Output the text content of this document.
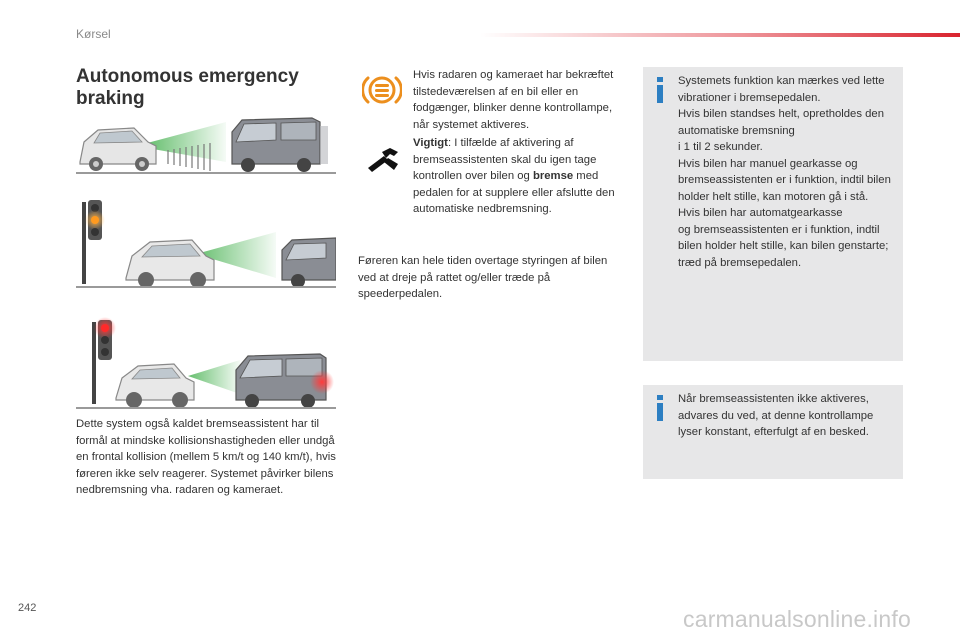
Kørsel
Autonomous emergency
braking

Dette system også kaldet bremseassistent har til formål at mindske kollisionshastigheden eller undgå en frontal kollision (mellem 5 km/t og 140 km/t), hvis føreren ikke selv reagerer. Systemet påvirker bilens nedbremsning vha. radaren og kameraet.

Hvis radaren og kameraet har bekræftet tilstedeværelsen af en bil eller en fodgænger, blinker denne kontrollampe, når systemet aktiveres.

Vigtigt: I tilfælde af aktivering af bremseassistenten skal du igen tage kontrollen over bilen og bremse med pedalen for at supplere eller afslutte den automatiske nedbremsning.

Føreren kan hele tiden overtage styringen af bilen ved at dreje på rattet og/eller træde på speederpedalen.

Systemets funktion kan mærkes ved lette vibrationer i bremsepedalen.
Hvis bilen standses helt, opretholdes den automatiske bremsning
i 1 til 2 sekunder.
Hvis bilen har manuel gearkasse og bremseassistenten er i funktion, indtil bilen holder helt stille, kan motoren gå i stå.
Hvis bilen har automatgearkasse
og bremseassistenten er i funktion, indtil bilen holder helt stille, kan bilen genstarte; træd på bremsepedalen.
Når bremseassistenten ikke aktiveres, advares du ved, at denne kontrollampe lyser konstant, efterfulgt af en besked.
242	carmanualsonline.info
